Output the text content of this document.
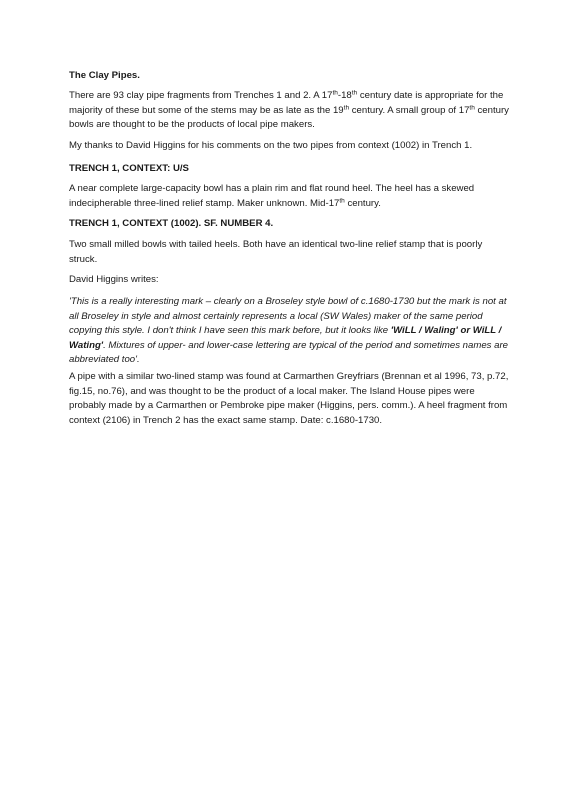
The Clay Pipes.

There are 93 clay pipe fragments from Trenches 1 and 2. A 17th-18th century date is appropriate for the majority of these but some of the stems may be as late as the 19th century. A small group of 17th century bowls are thought to be the products of local pipe makers.

My thanks to David Higgins for his comments on the two pipes from context (1002) in Trench 1.

TRENCH 1, CONTEXT: U/S

A near complete large-capacity bowl has a plain rim and flat round heel. The heel has a skewed indecipherable three-lined relief stamp. Maker unknown. Mid-17th century.

TRENCH 1, CONTEXT (1002). SF. NUMBER 4.

Two small milled bowls with tailed heels. Both have an identical two-line relief stamp that is poorly struck.

David Higgins writes:

'This is a really interesting mark – clearly on a Broseley style bowl of c.1680-1730 but the mark is not at all Broseley in style and almost certainly represents a local (SW Wales) maker of the same period copying this style. I don't think I have seen this mark before, but it looks like 'WiLL / Waling' or WiLL / Wating'. Mixtures of upper- and lower-case lettering are typical of the period and sometimes names are abbreviated too'.

A pipe with a similar two-lined stamp was found at Carmarthen Greyfriars (Brennan et al 1996, 73, p.72, fig.15, no.76), and was thought to be the product of a local maker. The Island House pipes were probably made by a Carmarthen or Pembroke pipe maker (Higgins, pers. comm.). A heel fragment from context (2106) in Trench 2 has the exact same stamp. Date: c.1680-1730.
